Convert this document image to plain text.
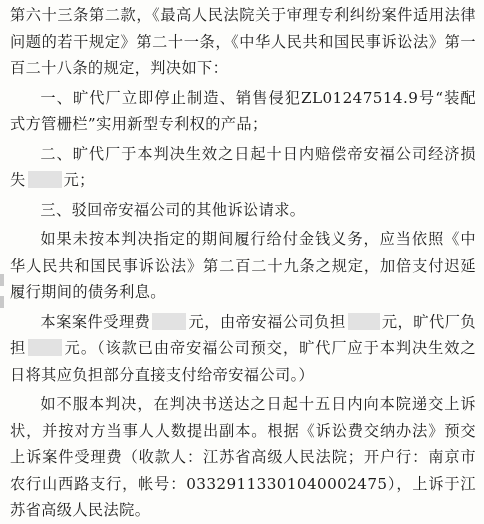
第六十三条第二款，《最高人民法院关于审理专利纠纷案件适用法律问题的若干规定》第二十一条，《中华人民共和国民事诉讼法》第一百二十八条的规定，判决如下：

一、旷代厂立即停止制造、销售侵犯ZL01247514.9号“装配式方管栅栏”实用新型专利权的产品；

二、旷代厂于本判决生效之日起十日内赔偿帝安福公司经济损失	元；

三、驳回帝安福公司的其他诉讼请求。

如果未按本判决指定的期间履行给付金钱义务，应当依照《中华人民共和国民事诉讼法》第二百二十九条之规定，加倍支付迟延履行期间的债务利息。

本案案件受理费	元，由帝安福公司负担 元，旷代厂负担	元。（该款已由帝安福公司预交，旷代厂应于本判决生效之日将其应负担部分直接支付给帝安福公司。）

如不服本判决，在判决书送达之日起十五日内向本院递交上诉状，并按对方当事人人数提出副本。根据《诉讼费交纳办法》预交上诉案件受理费（收款人：江苏省高级人民法院；开户行：南京市农行山西路支行，帐号：03329113301040002475），上诉于江苏省高级人民法院。
